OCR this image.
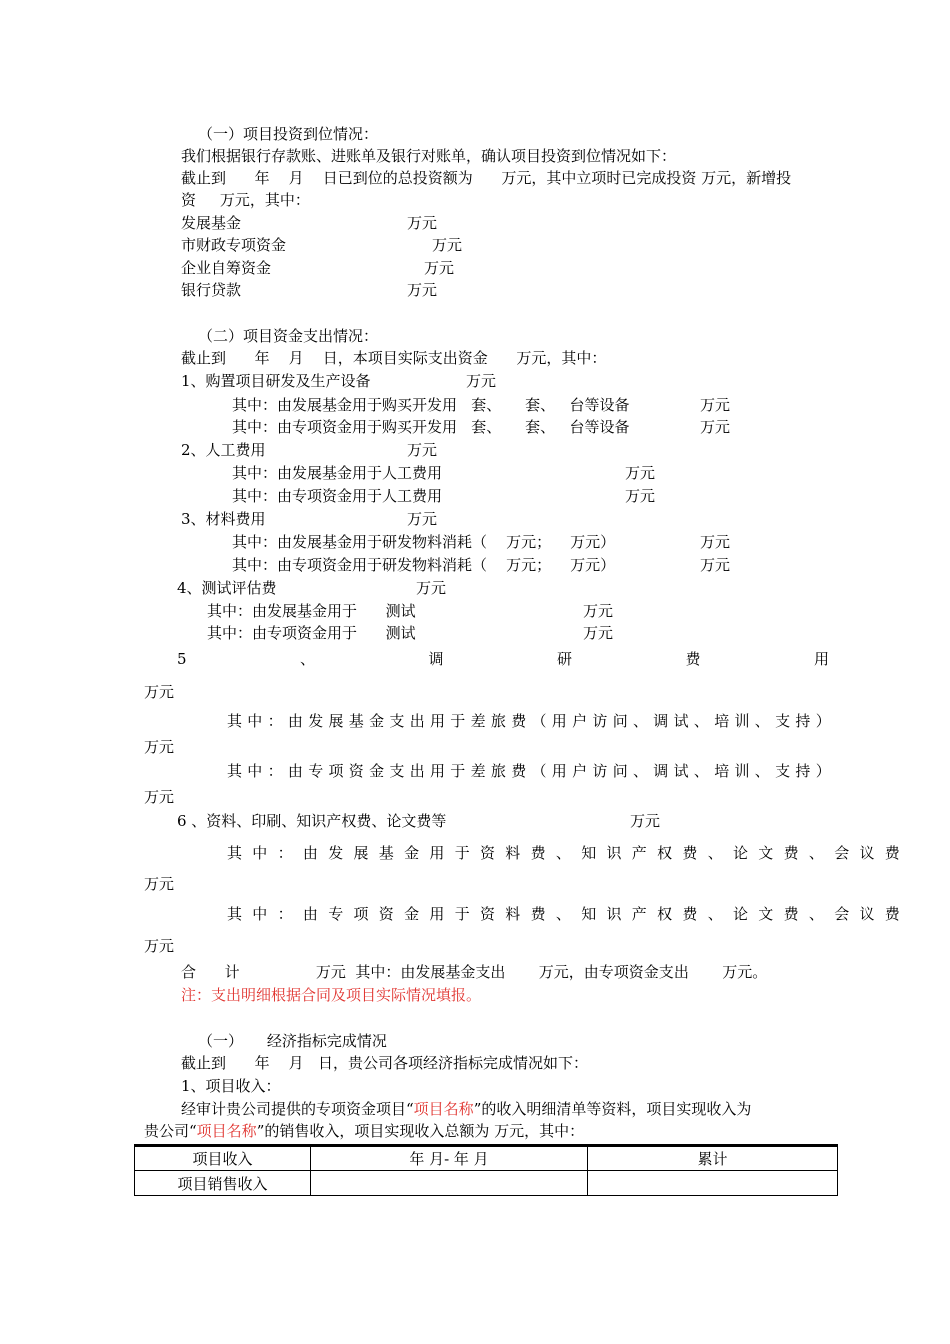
（一）项目投资到位情况：
我们根据银行存款账、进账单及银行对账单，确认项目投资到位情况如下：
截止到      年    月    日已到位的总投资额为      万元，其中立项时已完成投资 万元，新增投
资     万元，其中：
发展基金	万元
市财政专项资金	万元
企业自筹资金	万元
银行贷款	万元
（二）项目资金支出情况：
截止到      年    月    日，本项目实际支出资金      万元，其中：
1、购置项目研发及生产设备	万元
其中：由发展基金用于购买开发用   套、     套、   台等设备	万元
其中：由专项资金用于购买开发用   套、     套、   台等设备	万元
2、人工费用	万元
其中：由发展基金用于人工费用	万元
其中：由专项资金用于人工费用	万元
3、材料费用	万元
其中：由发展基金用于研发物料消耗（    万元；    万元）	万元
其中：由专项资金用于研发物料消耗（    万元；    万元）	万元
4、测试评估费	万元
其中：由发展基金用于      测试	万元
其中：由专项资金用于      测试	万元
5	、	调	研	费	用
万元
其中：由发展基金支出用于差旅费（用户访问、调试、培训、支持）
万元
其中：由专项资金支出用于差旅费（用户访问、调试、培训、支持）
万元
6 、资料、印刷、知识产权费、论文费等	万元
其中：由发展基金用于资料费、知识产权费、论文费、会议费
万元
其中：由专项资金用于资料费、知识产权费、论文费、会议费
万元
合      计                万元  其中：由发展基金支出       万元，由专项资金支出       万元。
注：支出明细根据合同及项目实际情况填报。
（一）     经济指标完成情况
截止到      年    月   日，贵公司各项经济指标完成情况如下：
1、项目收入：
经审计贵公司提供的专项资金项目“项目名称”的收入明细清单等资料，项目实现收入为
贵公司“项目名称”的销售收入，项目实现收入总额为 万元，其中：
项目收入	年 月- 年 月	累计
项目销售收入		
